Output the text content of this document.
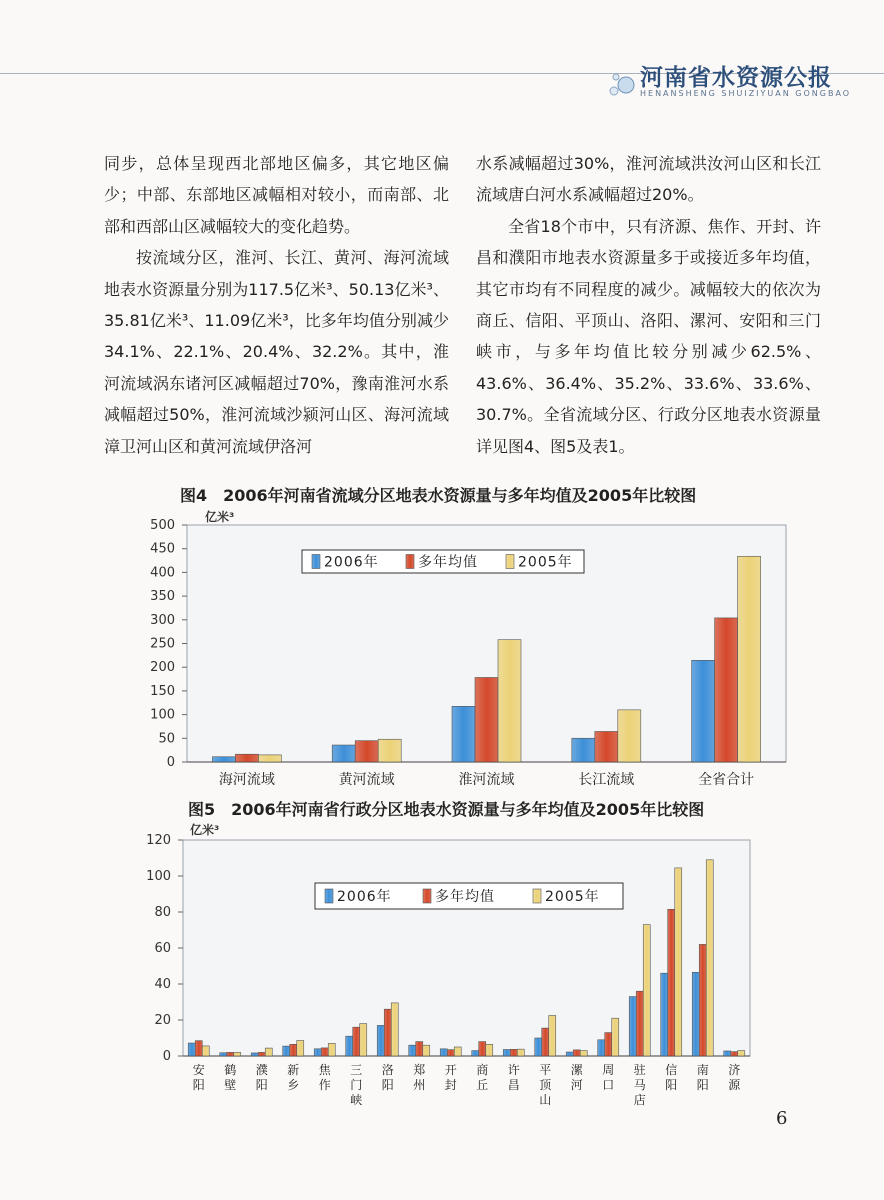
河南省水资源公报
HENANSHENG SHUIZIYUAN GONGBAO

同步，总体呈现西北部地区偏多，其它地区偏少；中部、东部地区减幅相对较小，而南部、北部和西部山区减幅较大的变化趋势。

按流域分区，淮河、长江、黄河、海河流域地表水资源量分别为117.5亿米³、50.13亿米³、35.81亿米³、11.09亿米³，比多年均值分别减少34.1%、22.1%、20.4%、32.2%。其中，淮河流域涡东诸河区减幅超过70%，豫南淮河水系减幅超过50%，淮河流域沙颍河山区、海河流域漳卫河山区和黄河流域伊洛河

水系减幅超过30%，淮河流域洪汝河山区和长江流域唐白河水系减幅超过20%。

全省18个市中，只有济源、焦作、开封、许昌和濮阳市地表水资源量多于或接近多年均值，其它市均有不同程度的减少。减幅较大的依次为商丘、信阳、平顶山、洛阳、漯河、安阳和三门峡市，与多年均值比较分别减少62.5%、43.6%、36.4%、35.2%、33.6%、33.6%、30.7%。全省流域分区、行政分区地表水资源量详见图4、图5及表1。

图4　2006年河南省流域分区地表水资源量与多年均值及2005年比较图
图5　2006年河南省行政分区地表水资源量与多年均值及2005年比较图
0
50
100
150
200
250
300
350
400
450
500
亿米³
海河流域	黄河流域	淮河流域	长江流域	全省合计
2006年	多年均值	2005年
0
20
40
60
80
100
120
亿米³
安阳
鹤壁
濮阳
新乡
焦作
三门峡
洛阳
郑州
开封
商丘
许昌
平顶山
漯河
周口
驻马店
信阳
南阳
济源
2006年	多年均值	2005年
6
